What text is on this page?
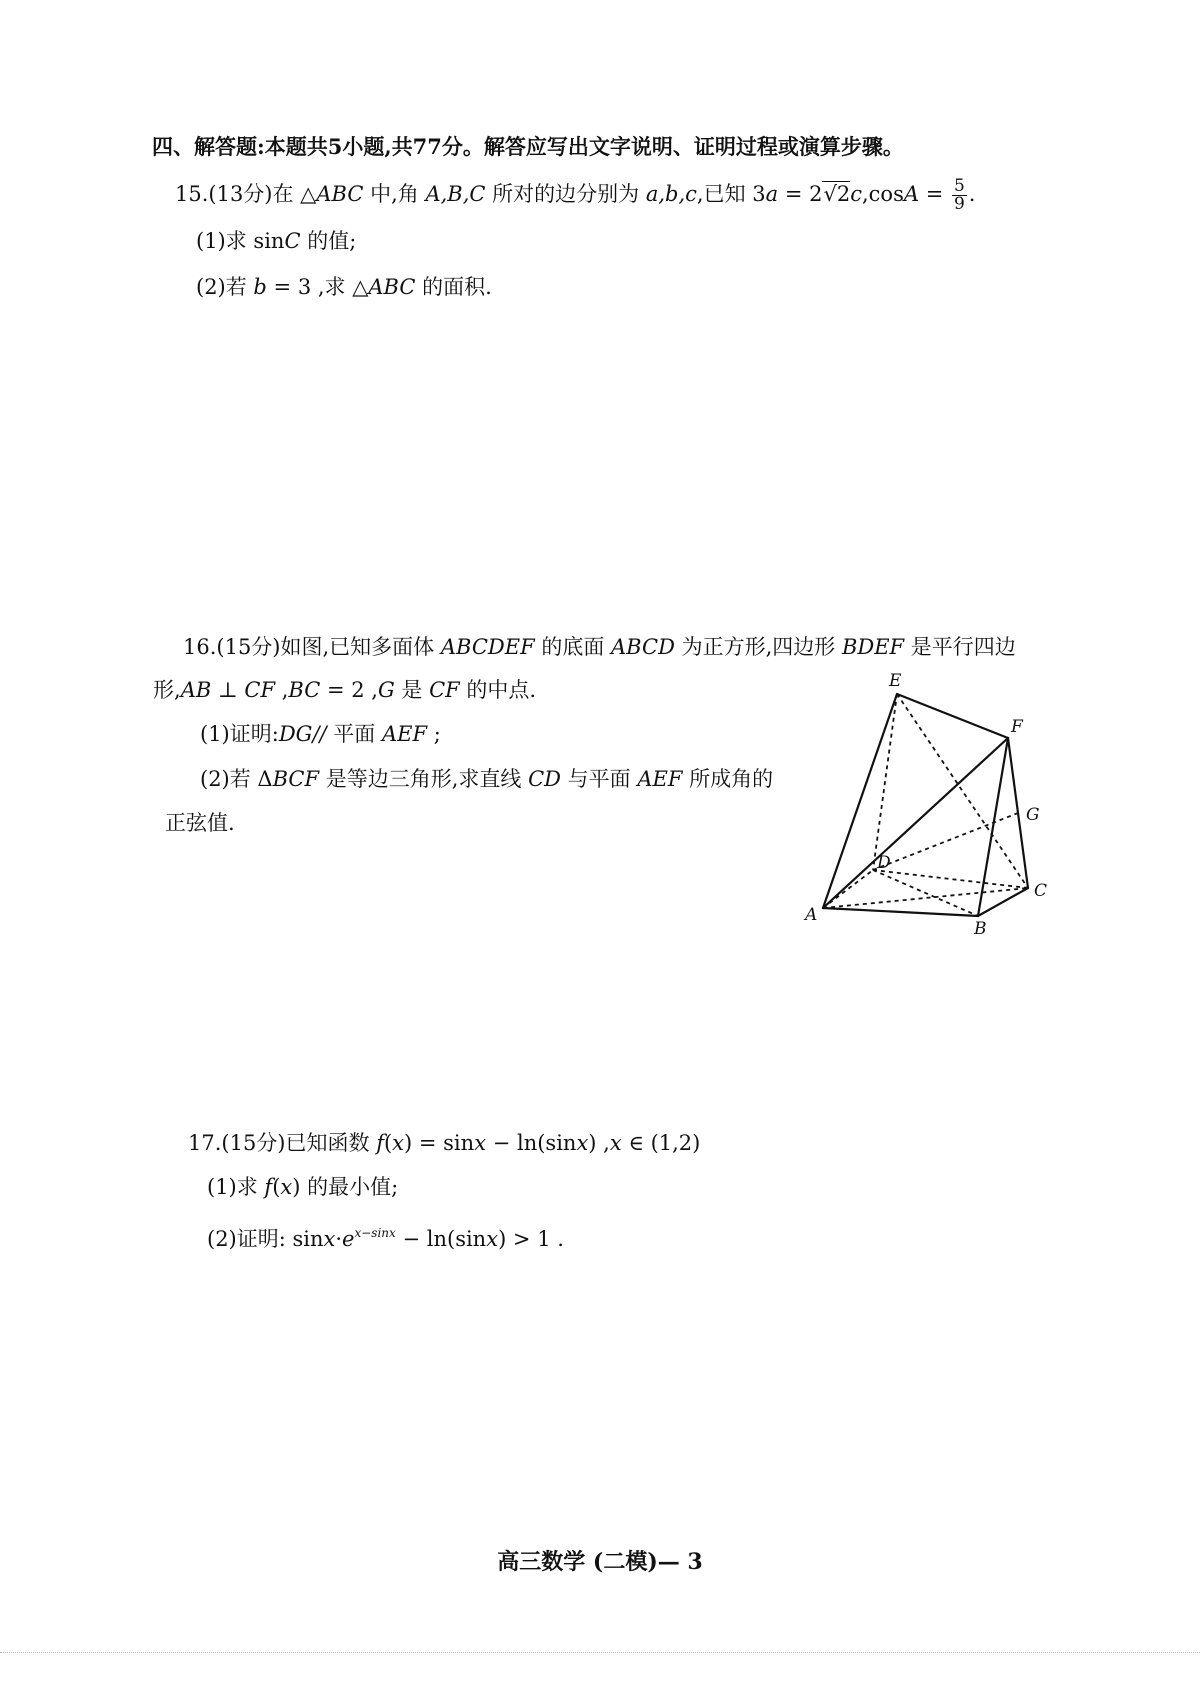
四、解答题:本题共5小题,共77分。解答应写出文字说明、证明过程或演算步骤。
15.(13分)在 △ABC 中,角 A,B,C 所对的边分别为 a,b,c,已知 $3a = 2√2c,\cos A = \frac{5}{9}$ .
(1)求 sinC 的值;
(2)若 b = 3 ,求 △ABC 的面积.
16.(15分)如图,已知多面体 ABCDEF 的底面 ABCD 为正方形,四边形 BDEF 是平行四边
形,AB ⊥ CF ,BC = 2 ,G 是 CF 的中点.
(1)证明:DG// 平面 AEF ;
(2)若 ΔBCF 是等边三角形,求直线 CD 与平面 AEF 所成角的
正弦值.
E
F
G
D
C
A
B
17.(15分)已知函数 f(x) = sinx − ln(sinx) ,x ∈ (1,2)
(1)求 f(x) 的最小值;
(2)证明: $\sin x\cdot e^{x-sinx} - \ln(\sin x) > 1$ .
高三数学 (二模)— 3
